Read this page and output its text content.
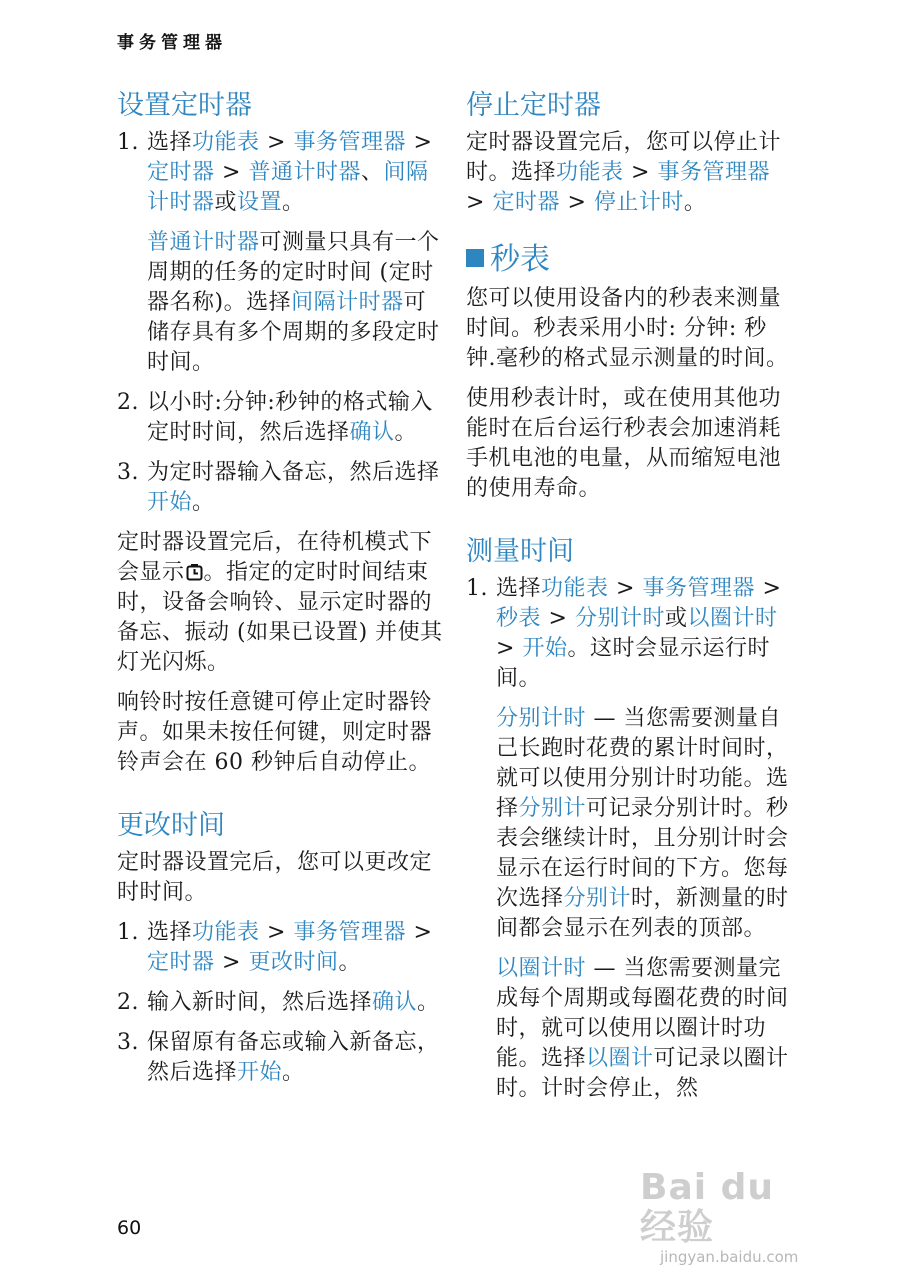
事务管理器
设置定时器

1. 选择功能表 > 事务管理器 > 定时器 > 普通计时器、间隔计时器或设置。

普通计时器可测量只具有一个周期的任务的定时时间 (定时器名称)。选择间隔计时器可储存具有多个周期的多段定时时间。

2. 以小时:分钟:秒钟的格式输入定时时间，然后选择确认。

3. 为定时器输入备忘，然后选择开始。

定时器设置完后，在待机模式下会显示 。指定的定时时间结束时，设备会响铃、显示定时器的备忘、振动 (如果已设置) 并使其灯光闪烁。

响铃时按任意键可停止定时器铃声。如果未按任何键，则定时器铃声会在 60 秒钟后自动停止。

更改时间

定时器设置完后，您可以更改定时时间。

1. 选择功能表 > 事务管理器 > 定时器 > 更改时间。

2. 输入新时间，然后选择确认。

3. 保留原有备忘或输入新备忘，然后选择开始。

停止定时器

定时器设置完后，您可以停止计时。选择功能表 > 事务管理器 > 定时器 > 停止计时。

秒表

您可以使用设备内的秒表来测量时间。秒表采用小时: 分钟: 秒钟.毫秒的格式显示测量的时间。

使用秒表计时，或在使用其他功能时在后台运行秒表会加速消耗手机电池的电量，从而缩短电池的使用寿命。

测量时间

1. 选择功能表 > 事务管理器 > 秒表 > 分别计时或以圈计时 > 开始。这时会显示运行时间。

分别计时 — 当您需要测量自己长跑时花费的累计时间时，就可以使用分别计时功能。选择分别计可记录分别计时。秒表会继续计时，且分别计时会显示在运行时间的下方。您每次选择分别计时，新测量的时间都会显示在列表的顶部。

以圈计时 — 当您需要测量完成每个周期或每圈花费的时间时，就可以使用以圈计时功能。选择以圈计可记录以圈计时。计时会停止，然

60
Bai du 经验
jingyan.baidu.com
